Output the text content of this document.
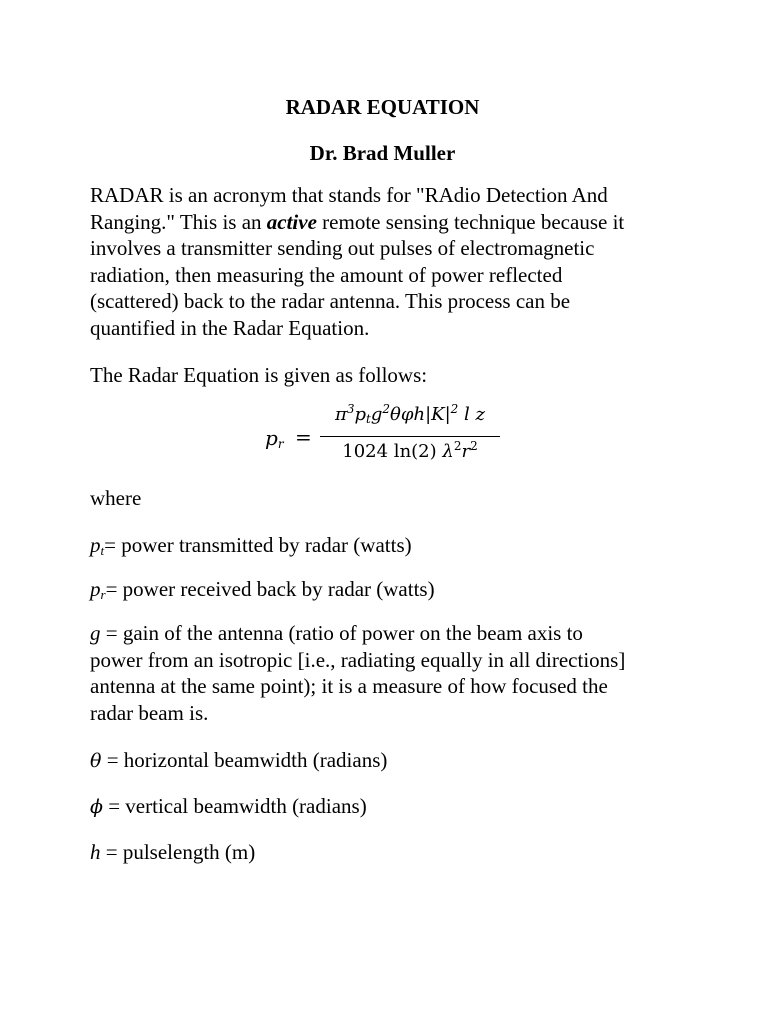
RADAR EQUATION
Dr. Brad Muller
RADAR is an acronym that stands for "RAdio Detection And
Ranging." This is an active remote sensing technique because it
involves a transmitter sending out pulses of electromagnetic
radiation, then measuring the amount of power reflected
(scattered) back to the radar antenna. This process can be
quantified in the Radar Equation.
The Radar Equation is given as follows:
where
$p_t=$ power transmitted by radar (watts)
$p_r=$ power received back by radar (watts)
g = gain of the antenna (ratio of power on the beam axis to
power from an isotropic [i.e., radiating equally in all directions]
antenna at the same point); it is a measure of how focused the
radar beam is.
θ = horizontal beamwidth (radians)
ϕ = vertical beamwidth (radians)
h = pulselength (m)
$p_r$ =
$\pi^3p_tg^2\theta\varphi h|K|^2$ l z
1024 ln(2) $\lambda^2r^2$
